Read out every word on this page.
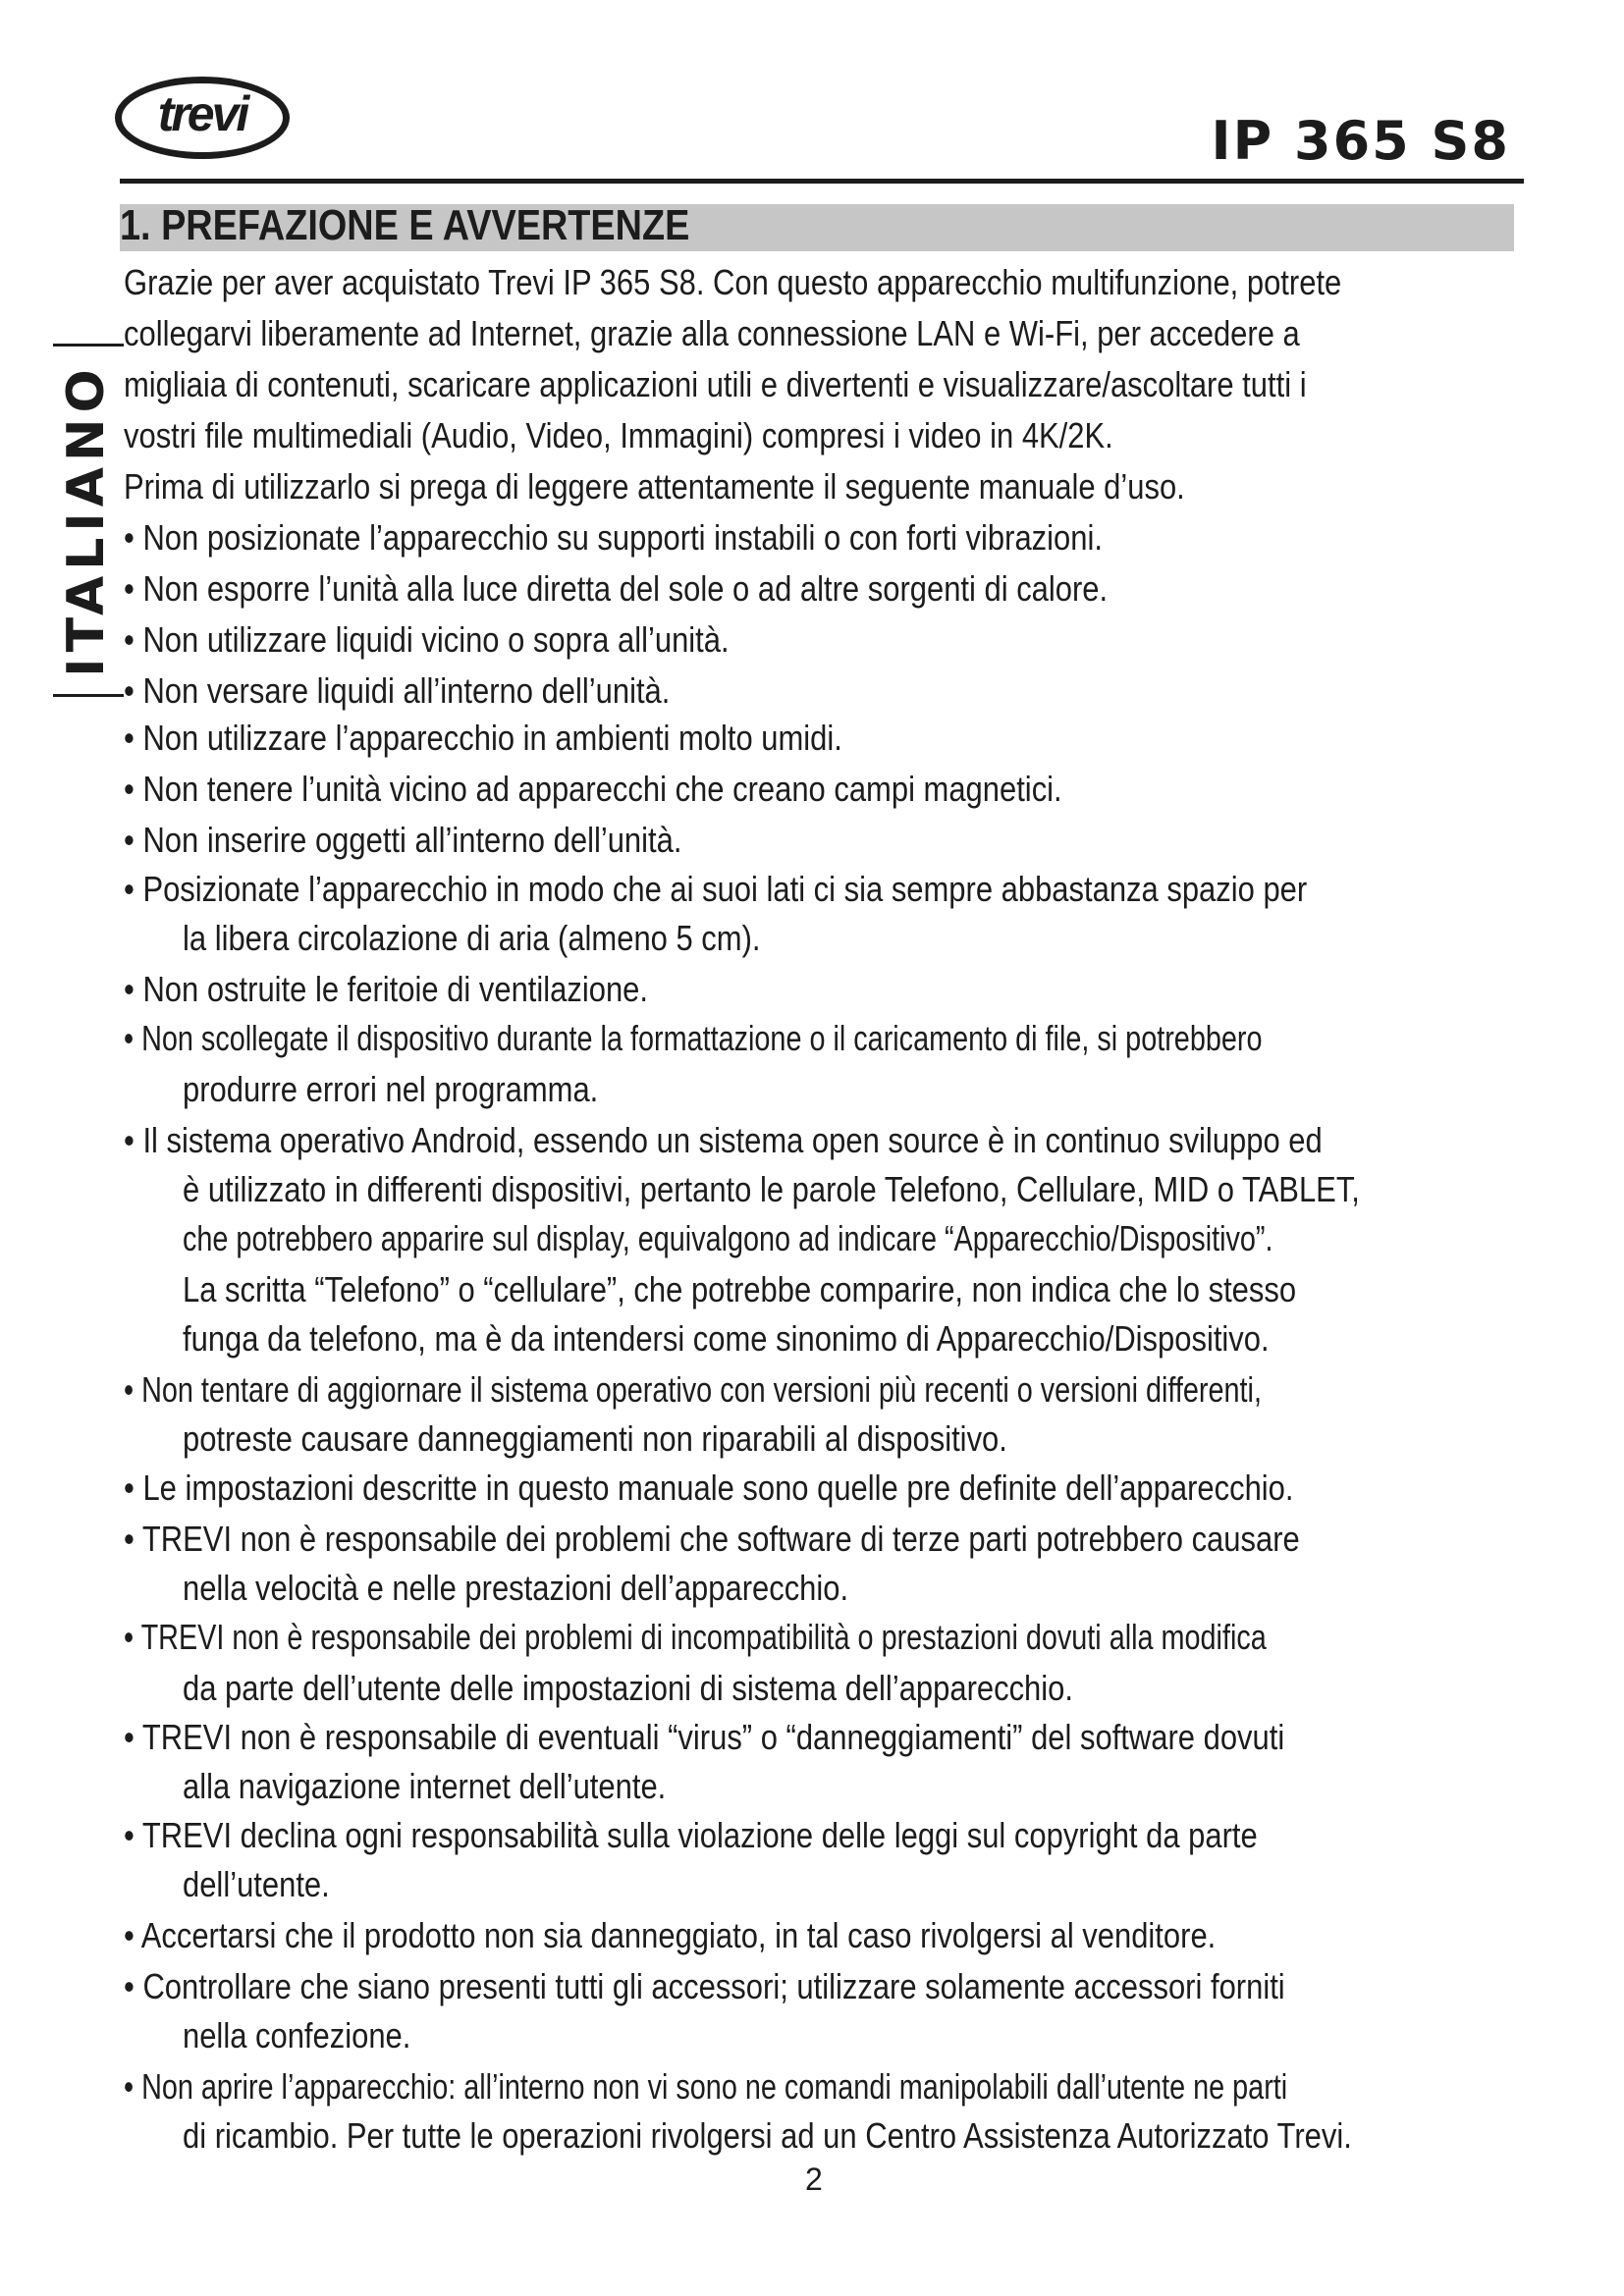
trevi	IP 365 S8
1. PREFAZIONE E AVVERTENZE
ITALIANO
Grazie per aver acquistato Trevi IP 365 S8. Con questo apparecchio multifunzione, potrete
collegarvi liberamente ad Internet, grazie alla connessione LAN e Wi-Fi, per accedere a
migliaia di contenuti, scaricare applicazioni utili e divertenti e visualizzare/ascoltare tutti i
vostri file multimediali (Audio, Video, Immagini) compresi i video in 4K/2K.
Prima di utilizzarlo si prega di leggere attentamente il seguente manuale d’uso.
• Non posizionate l’apparecchio su supporti instabili o con forti vibrazioni.
• Non esporre l’unità alla luce diretta del sole o ad altre sorgenti di calore.
• Non utilizzare liquidi vicino o sopra all’unità.
• Non versare liquidi all’interno dell’unità.
• Non utilizzare l’apparecchio in ambienti molto umidi.
• Non tenere l’unità vicino ad apparecchi che creano campi magnetici.
• Non inserire oggetti all’interno dell’unità.
• Posizionate l’apparecchio in modo che ai suoi lati ci sia sempre abbastanza spazio per
la libera circolazione di aria (almeno 5 cm).
• Non ostruite le feritoie di ventilazione.
• Non scollegate il dispositivo durante la formattazione o il caricamento di file, si potrebbero
produrre errori nel programma.
• Il sistema operativo Android, essendo un sistema open source è in continuo sviluppo ed
è utilizzato in differenti dispositivi, pertanto le parole Telefono, Cellulare, MID o TABLET,
che potrebbero apparire sul display, equivalgono ad indicare “Apparecchio/Dispositivo”.
La scritta “Telefono” o “cellulare”, che potrebbe comparire, non indica che lo stesso
funga da telefono, ma è da intendersi come sinonimo di Apparecchio/Dispositivo.
• Non tentare di aggiornare il sistema operativo con versioni più recenti o versioni differenti,
potreste causare danneggiamenti non riparabili al dispositivo.
• Le impostazioni descritte in questo manuale sono quelle pre definite dell’apparecchio.
• TREVI non è responsabile dei problemi che software di terze parti potrebbero causare
nella velocità e nelle prestazioni dell’apparecchio.
• TREVI non è responsabile dei problemi di incompatibilità o prestazioni dovuti alla modifica
da parte dell’utente delle impostazioni di sistema dell’apparecchio.
• TREVI non è responsabile di eventuali “virus” o “danneggiamenti” del software dovuti
alla navigazione internet dell’utente.
• TREVI declina ogni responsabilità sulla violazione delle leggi sul copyright da parte
dell’utente.
• Accertarsi che il prodotto non sia danneggiato, in tal caso rivolgersi al venditore.
• Controllare che siano presenti tutti gli accessori; utilizzare solamente accessori forniti
nella confezione.
• Non aprire l’apparecchio: all’interno non vi sono ne comandi manipolabili dall’utente ne parti
di ricambio. Per tutte le operazioni rivolgersi ad un Centro Assistenza Autorizzato Trevi.
2
